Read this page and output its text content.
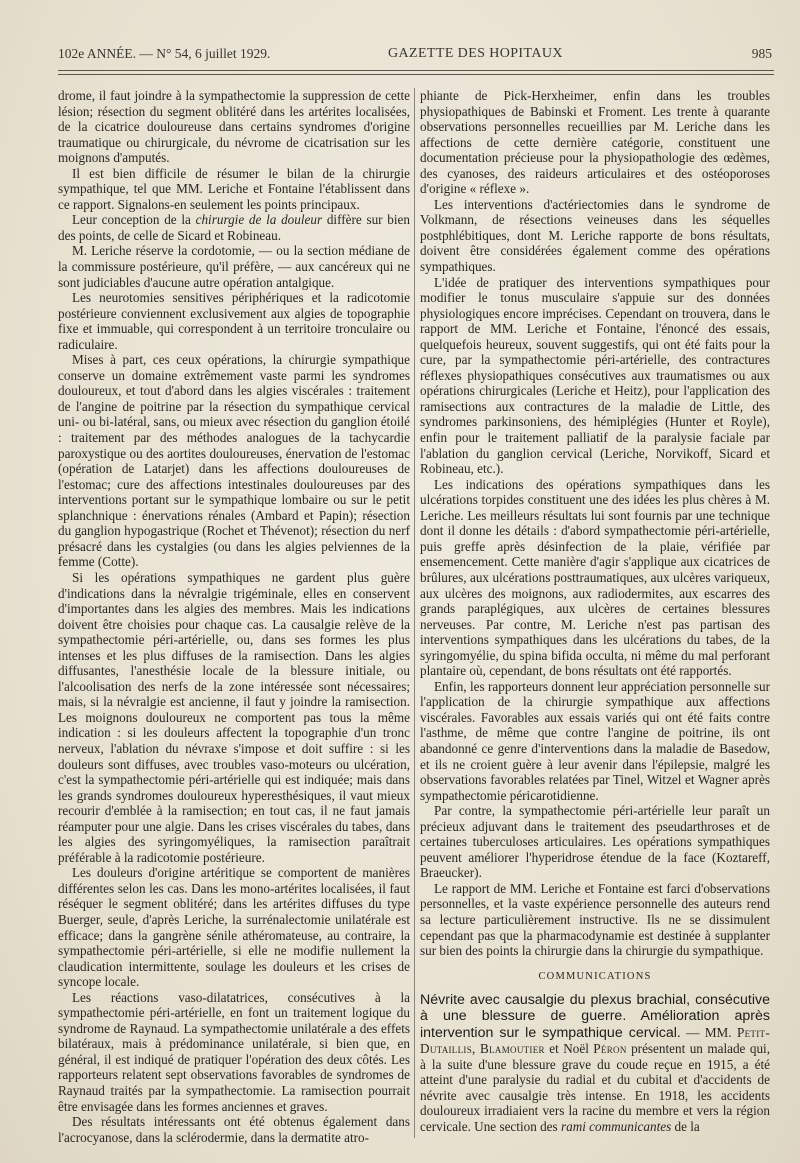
102e ANNÉE. — N° 54, 6 juillet 1929.	GAZETTE DES HOPITAUX	985

drome, il faut joindre à la sympathectomie la suppression de cette lésion; résection du segment oblitéré dans les artérites localisées, de la cicatrice douloureuse dans certains syndromes d'origine traumatique ou chirurgicale, du névrome de cicatrisation sur les moignons d'amputés.

Il est bien difficile de résumer le bilan de la chirurgie sympathique, tel que MM. Leriche et Fontaine l'établissent dans ce rapport. Signalons-en seulement les points principaux.

Leur conception de la chirurgie de la douleur diffère sur bien des points, de celle de Sicard et Robineau.

M. Leriche réserve la cordotomie, — ou la section médiane de la commissure postérieure, qu'il préfère, — aux cancéreux qui ne sont judiciables d'aucune autre opération antalgique.

Les neurotomies sensitives périphériques et la radicotomie postérieure conviennent exclusivement aux algies de topographie fixe et immuable, qui correspondent à un territoire tronculaire ou radiculaire.

Mises à part, ces ceux opérations, la chirurgie sympathique conserve un domaine extrêmement vaste parmi les syndromes douloureux, et tout d'abord dans les algies viscérales : traitement de l'angine de poitrine par la résection du sympathique cervical uni- ou bi-latéral, sans, ou mieux avec résection du ganglion étoilé : traitement par des méthodes analogues de la tachycardie paroxystique ou des aortites douloureuses, énervation de l'estomac (opération de Latarjet) dans les affections douloureuses de l'estomac; cure des affections intestinales douloureuses par des interventions portant sur le sympathique lombaire ou sur le petit splanchnique : énervations rénales (Ambard et Papin); résection du ganglion hypogastrique (Rochet et Thévenot); résection du nerf présacré dans les cystalgies (ou dans les algies pelviennes de la femme (Cotte).

Si les opérations sympathiques ne gardent plus guère d'indications dans la névralgie trigéminale, elles en conservent d'importantes dans les algies des membres. Mais les indications doivent être choisies pour chaque cas. La causalgie relève de la sympathectomie péri-artérielle, ou, dans ses formes les plus intenses et les plus diffuses de la ramisection. Dans les algies diffusantes, l'anesthésie locale de la blessure initiale, ou l'alcoolisation des nerfs de la zone intéressée sont nécessaires; mais, si la névralgie est ancienne, il faut y joindre la ramisection. Les moignons douloureux ne comportent pas tous la même indication : si les douleurs affectent la topographie d'un tronc nerveux, l'ablation du névraxe s'impose et doit suffire : si les douleurs sont diffuses, avec troubles vaso-moteurs ou ulcération, c'est la sympathectomie péri-artérielle qui est indiquée; mais dans les grands syndromes douloureux hyperesthésiques, il vaut mieux recourir d'emblée à la ramisection; en tout cas, il ne faut jamais réamputer pour une algie. Dans les crises viscérales du tabes, dans les algies des syringomyéliques, la ramisection paraîtrait préférable à la radicotomie postérieure.

Les douleurs d'origine artéritique se comportent de manières différentes selon les cas. Dans les mono-artérites localisées, il faut réséquer le segment oblitéré; dans les artérites diffuses du type Buerger, seule, d'après Leriche, la surrénalectomie unilatérale est efficace; dans la gangrène sénile athéromateuse, au contraire, la sympathectomie péri-artérielle, si elle ne modifie nullement la claudication intermittente, soulage les douleurs et les crises de syncope locale.

Les réactions vaso-dilatatrices, consécutives à la sympathectomie péri-artérielle, en font un traitement logique du syndrome de Raynaud. La sympathectomie unilatérale a des effets bilatéraux, mais à prédominance unilatérale, si bien que, en général, il est indiqué de pratiquer l'opération des deux côtés. Les rapporteurs relatent sept observations favorables de syndromes de Raynaud traités par la sympathectomie. La ramisection pourrait être envisagée dans les formes anciennes et graves.

Des résultats intéressants ont été obtenus également dans l'acrocyanose, dans la sclérodermie, dans la dermatite atro-

phiante de Pick-Herxheimer, enfin dans les troubles physiopathiques de Babinski et Froment. Les trente à quarante observations personnelles recueillies par M. Leriche dans les affections de cette dernière catégorie, constituent une documentation précieuse pour la physiopathologie des œdèmes, des cyanoses, des raideurs articulaires et des ostéoporoses d'origine « réflexe ».

Les interventions d'actériectomies dans le syndrome de Volkmann, de résections veineuses dans les séquelles postphlébitiques, dont M. Leriche rapporte de bons résultats, doivent être considérées également comme des opérations sympathiques.

L'idée de pratiquer des interventions sympathiques pour modifier le tonus musculaire s'appuie sur des données physiologiques encore imprécises. Cependant on trouvera, dans le rapport de MM. Leriche et Fontaine, l'énoncé des essais, quelquefois heureux, souvent suggestifs, qui ont été faits pour la cure, par la sympathectomie péri-artérielle, des contractures réflexes physiopathiques consécutives aux traumatismes ou aux opérations chirurgicales (Leriche et Heitz), pour l'application des ramisections aux contractures de la maladie de Little, des syndromes parkinsoniens, des hémiplégies (Hunter et Royle), enfin pour le traitement palliatif de la paralysie faciale par l'ablation du ganglion cervical (Leriche, Norvikoff, Sicard et Robineau, etc.).

Les indications des opérations sympathiques dans les ulcérations torpides constituent une des idées les plus chères à M. Leriche. Les meilleurs résultats lui sont fournis par une technique dont il donne les détails : d'abord sympathectomie péri-artérielle, puis greffe après désinfection de la plaie, vérifiée par ensemencement. Cette manière d'agir s'applique aux cicatrices de brûlures, aux ulcérations posttraumatiques, aux ulcères variqueux, aux ulcères des moignons, aux radiodermites, aux escarres des grands paraplégiques, aux ulcères de certaines blessures nerveuses. Par contre, M. Leriche n'est pas partisan des interventions sympathiques dans les ulcérations du tabes, de la syringomyélie, du spina bifida occulta, ni même du mal perforant plantaire où, cependant, de bons résultats ont été rapportés.

Enfin, les rapporteurs donnent leur appréciation personnelle sur l'application de la chirurgie sympathique aux affections viscérales. Favorables aux essais variés qui ont été faits contre l'asthme, de même que contre l'angine de poitrine, ils ont abandonné ce genre d'interventions dans la maladie de Basedow, et ils ne croient guère à leur avenir dans l'épilepsie, malgré les observations favorables relatées par Tinel, Witzel et Wagner après sympathectomie péricarotidienne.

Par contre, la sympathectomie péri-artérielle leur paraît un précieux adjuvant dans le traitement des pseudarthroses et de certaines tuberculoses articulaires. Les opérations sympathiques peuvent améliorer l'hyperidrose étendue de la face (Koztareff, Braeucker).

Le rapport de MM. Leriche et Fontaine est farci d'observations personnelles, et la vaste expérience personnelle des auteurs rend sa lecture particulièrement instructive. Ils ne se dissimulent cependant pas que la pharmacodynamie est destinée à supplanter sur bien des points la chirurgie dans la chirurgie du sympathique.

COMMUNICATIONS

Névrite avec causalgie du plexus brachial, consécutive à une blessure de guerre. Amélioration après intervention sur le sympathique cervical. — MM. Petit-Dutaillis, Blamoutier et Noël Péron présentent un malade qui, à la suite d'une blessure grave du coude reçue en 1915, a été atteint d'une paralysie du radial et du cubital et d'accidents de névrite avec causalgie très intense. En 1918, les accidents douloureux irradiaient vers la racine du membre et vers la région cervicale. Une section des rami communicantes de la
